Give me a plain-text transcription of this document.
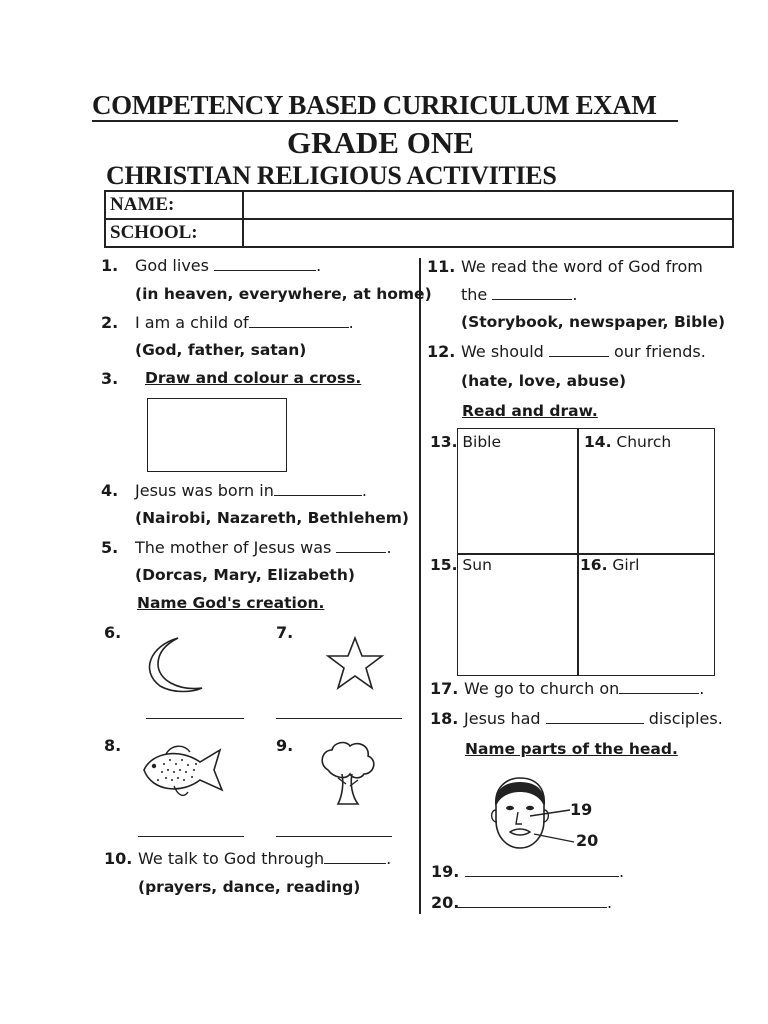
COMPETENCY BASED CURRICULUM EXAM
GRADE ONE
CHRISTIAN RELIGIOUS ACTIVITIES
NAME:	
SCHOOL:	
1. God lives	.
(in heaven, everywhere, at home)
2. I am a child of	.
(God, father, satan)
3.	Draw and colour a cross.
4. Jesus was born in	.
(Nairobi, Nazareth, Bethlehem)
5. The mother of Jesus was	.
(Dorcas, Mary, Elizabeth)
Name God's creation.
6.	7.
8.	9.
10. We talk to God through	.
(prayers, dance, reading)
11. We read the word of God from
the	.
(Storybook, newspaper, Bible)
12. We should	our friends.
(hate, love, abuse)
Read and draw.
13. Bible	14. Church
15. Sun	16. Girl
17. We go to church on	.
18. Jesus had	disciples.
Name parts of the head.
19
20
19.	.
20.	.
